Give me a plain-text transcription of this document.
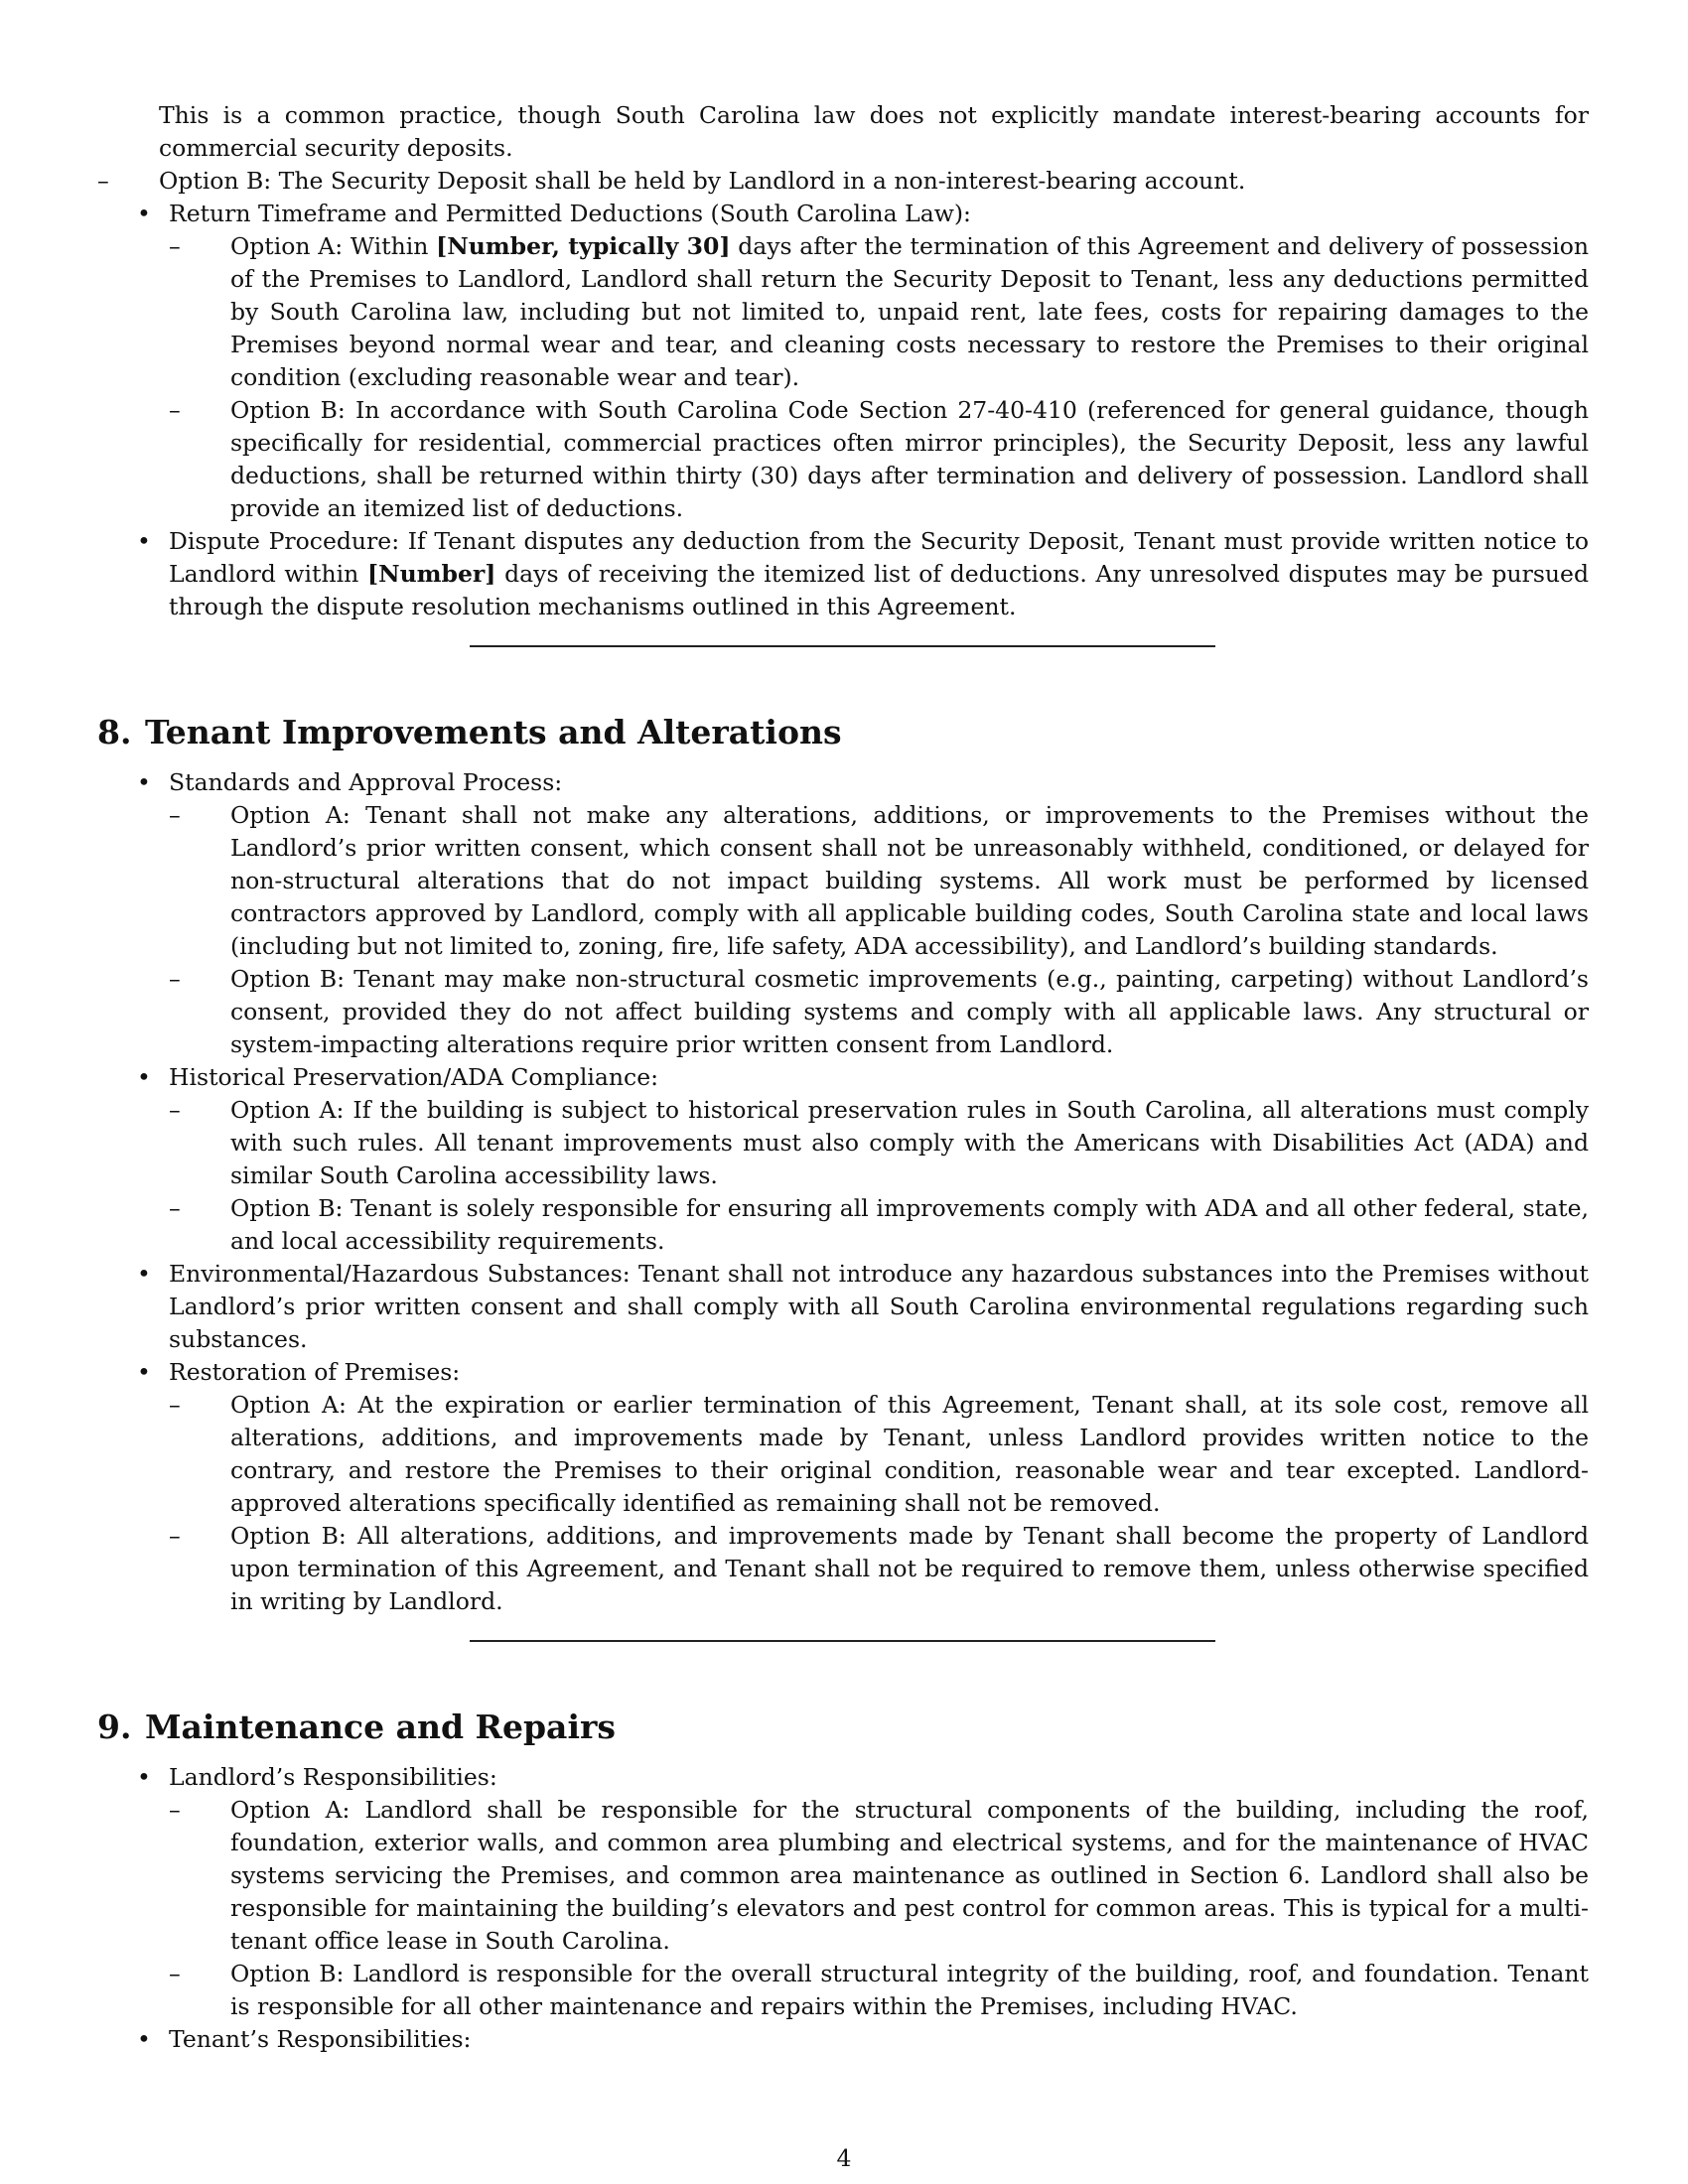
This is a common practice, though South Carolina law does not explicitly mandate interest-bearing accounts for commercial security deposits.
– Option B: The Security Deposit shall be held by Landlord in a non-interest-bearing account.
• Return Timeframe and Permitted Deductions (South Carolina Law):
– Option A: Within [Number, typically 30] days after the termination of this Agreement and delivery of possession of the Premises to Landlord, Landlord shall return the Security Deposit to Tenant, less any deductions permitted by South Carolina law, including but not limited to, unpaid rent, late fees, costs for repairing damages to the Premises beyond normal wear and tear, and cleaning costs necessary to restore the Premises to their original condition (excluding reasonable wear and tear).
– Option B: In accordance with South Carolina Code Section 27-40-410 (referenced for general guidance, though specifically for residential, commercial practices often mirror principles), the Security Deposit, less any lawful deductions, shall be returned within thirty (30) days after termination and delivery of possession. Landlord shall provide an itemized list of deductions.
• Dispute Procedure: If Tenant disputes any deduction from the Security Deposit, Tenant must provide written notice to Landlord within [Number] days of receiving the itemized list of deductions. Any unresolved disputes may be pursued through the dispute resolution mechanisms outlined in this Agreement.
8. Tenant Improvements and Alterations
• Standards and Approval Process:
– Option A: Tenant shall not make any alterations, additions, or improvements to the Premises without the Landlord’s prior written consent, which consent shall not be unreasonably withheld, conditioned, or delayed for non-structural alterations that do not impact building systems. All work must be performed by licensed contractors approved by Landlord, comply with all applicable building codes, South Carolina state and local laws (including but not limited to, zoning, fire, life safety, ADA accessibility), and Landlord’s building standards.
– Option B: Tenant may make non-structural cosmetic improvements (e.g., painting, carpeting) without Landlord’s consent, provided they do not affect building systems and comply with all applicable laws. Any structural or system-impacting alterations require prior written consent from Landlord.
• Historical Preservation/ADA Compliance:
– Option A: If the building is subject to historical preservation rules in South Carolina, all alterations must comply with such rules. All tenant improvements must also comply with the Americans with Disabilities Act (ADA) and similar South Carolina accessibility laws.
– Option B: Tenant is solely responsible for ensuring all improvements comply with ADA and all other federal, state, and local accessibility requirements.
• Environmental/Hazardous Substances: Tenant shall not introduce any hazardous substances into the Premises without Landlord’s prior written consent and shall comply with all South Carolina environmental regulations regarding such substances.
• Restoration of Premises:
– Option A: At the expiration or earlier termination of this Agreement, Tenant shall, at its sole cost, remove all alterations, additions, and improvements made by Tenant, unless Landlord provides written notice to the contrary, and restore the Premises to their original condition, reasonable wear and tear excepted. Landlord-approved alterations specifically identified as remaining shall not be removed.
– Option B: All alterations, additions, and improvements made by Tenant shall become the property of Landlord upon termination of this Agreement, and Tenant shall not be required to remove them, unless otherwise specified in writing by Landlord.
9. Maintenance and Repairs
• Landlord’s Responsibilities:
– Option A: Landlord shall be responsible for the structural components of the building, including the roof, foundation, exterior walls, and common area plumbing and electrical systems, and for the maintenance of HVAC systems servicing the Premises, and common area maintenance as outlined in Section 6. Landlord shall also be responsible for maintaining the building’s elevators and pest control for common areas. This is typical for a multi-tenant office lease in South Carolina.
– Option B: Landlord is responsible for the overall structural integrity of the building, roof, and foundation. Tenant is responsible for all other maintenance and repairs within the Premises, including HVAC.
• Tenant’s Responsibilities:
4
